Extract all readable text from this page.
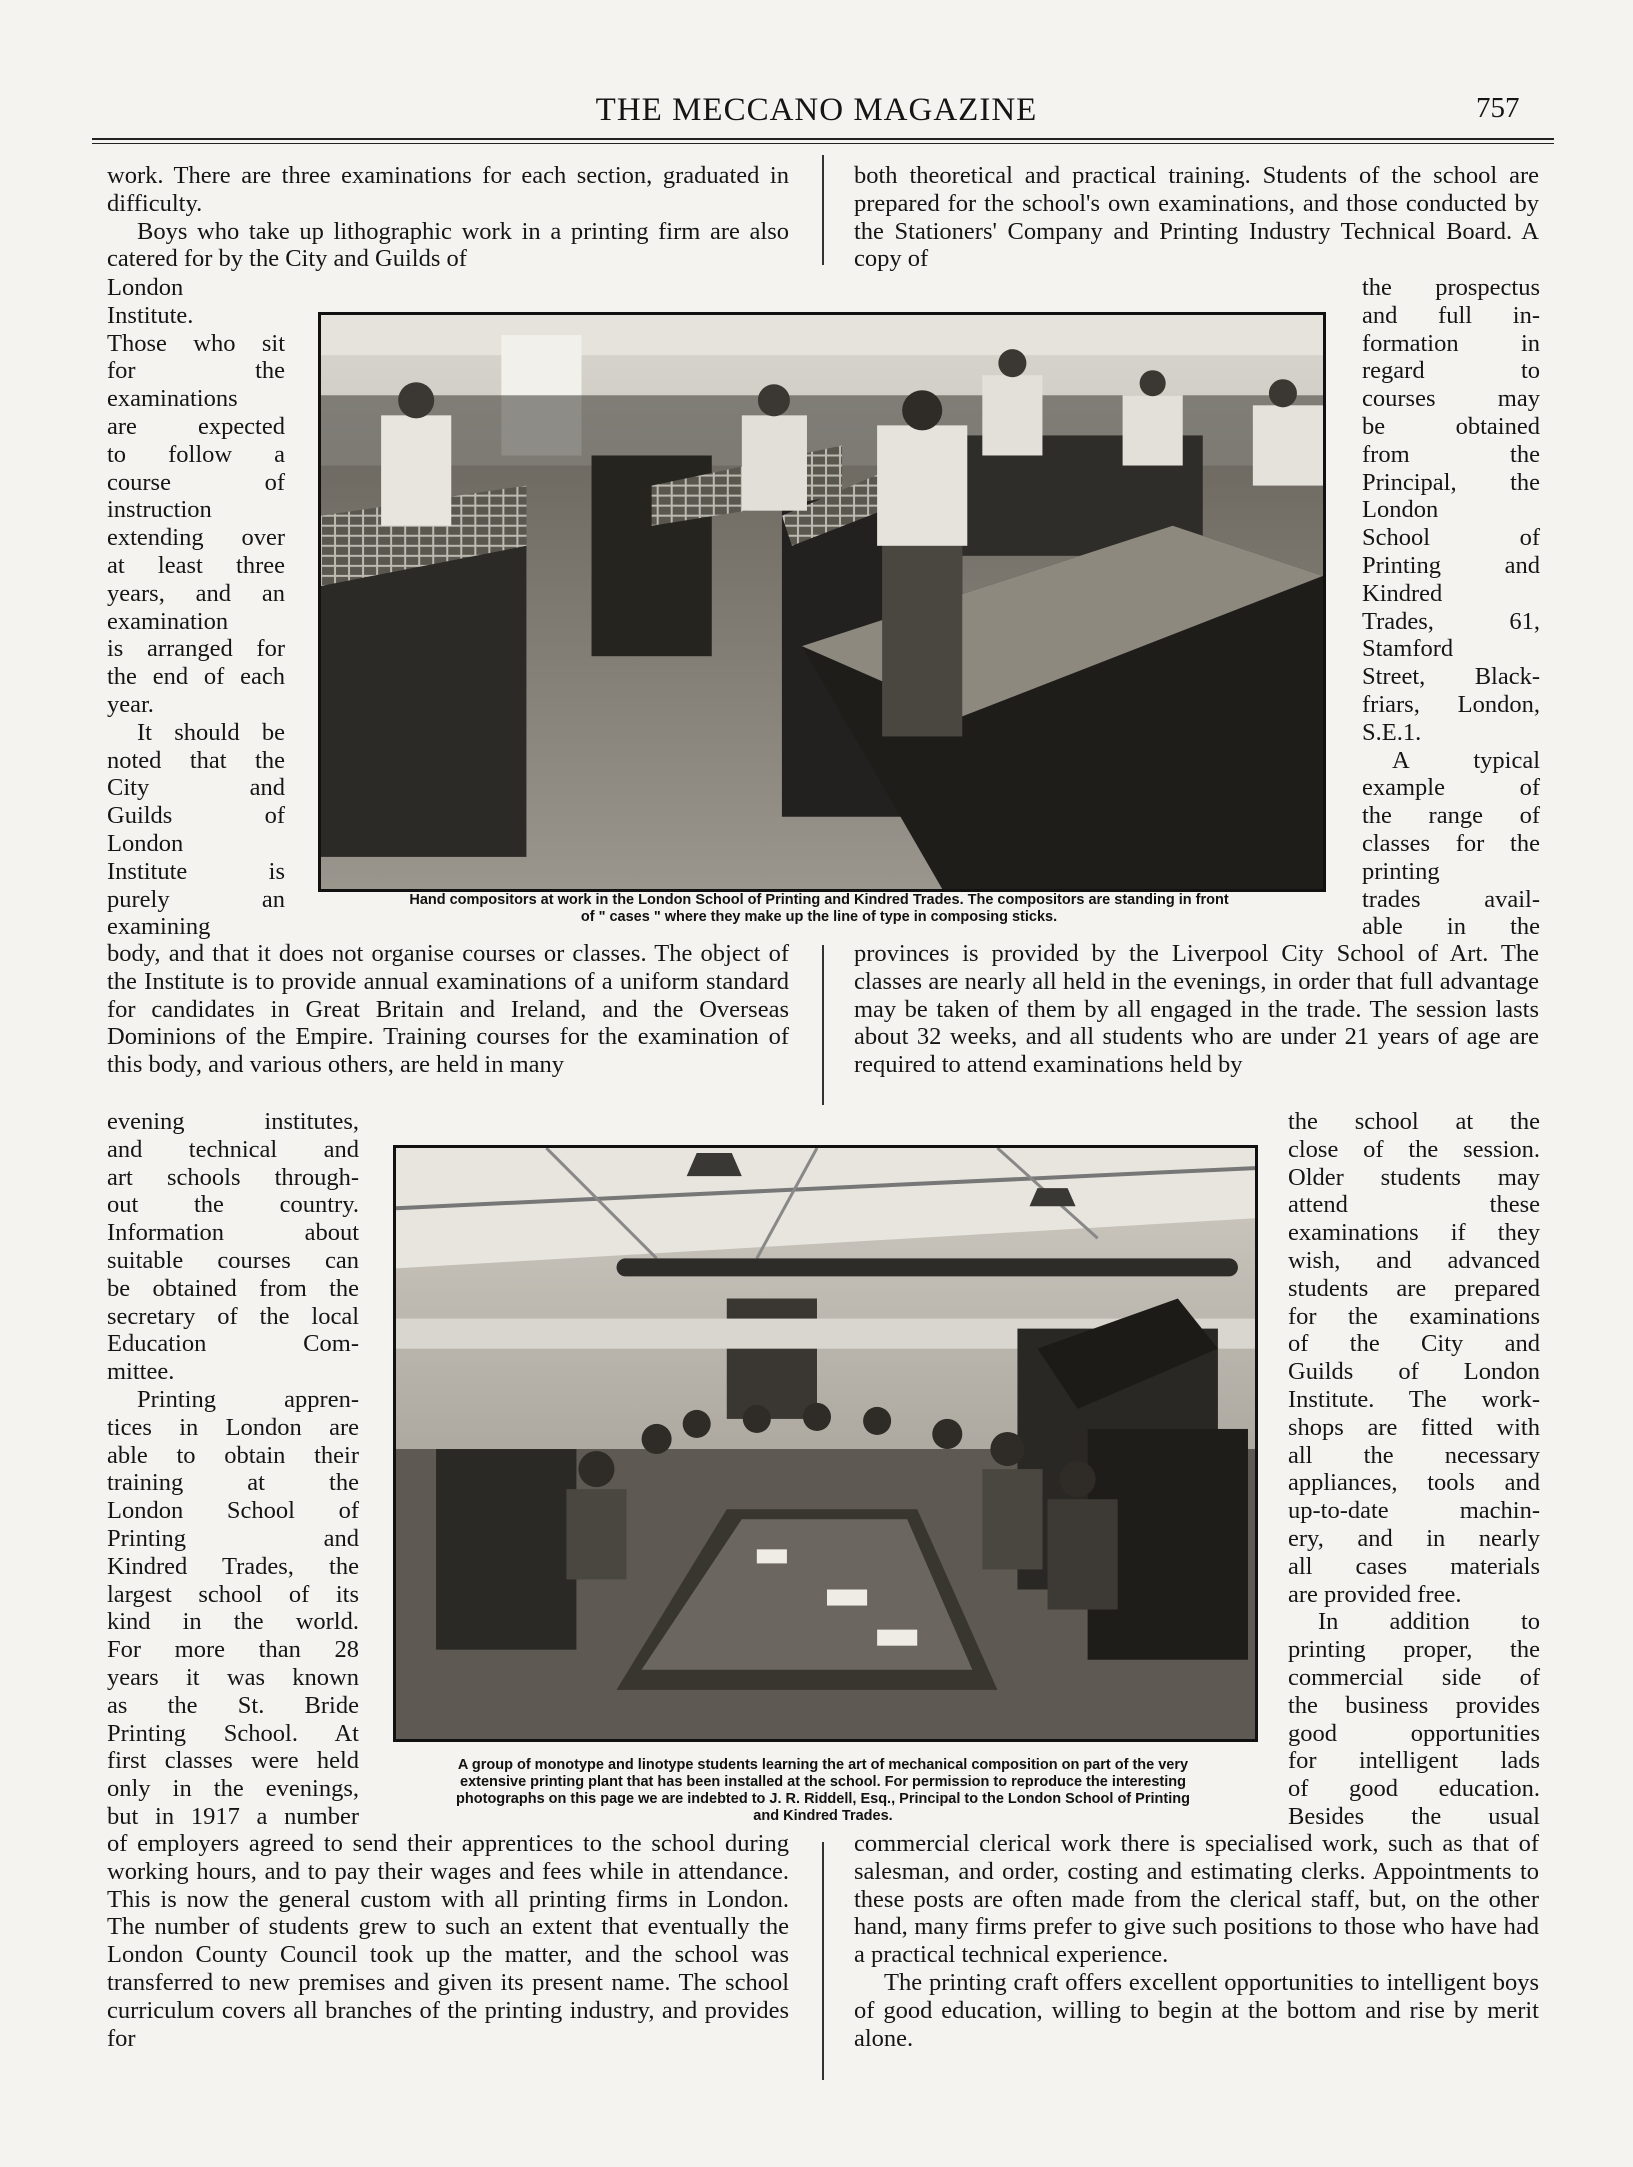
THE MECCANO MAGAZINE	757

work. There are three examinations for each section, graduated in difficulty.

Boys who take up lithographic work in a printing firm are also catered for by the City and Guilds of

both theoretical and practical training. Students of the school are prepared for the school's own examinations, and those conducted by the Stationers' Company and Printing Industry Technical Board. A copy of

London

Institute.

Those who sit

for the

examinations

are expected

to follow a

course of

instruction

extending over

at least three

years, and an

examination

is arranged for

the end of each

year.

It should be

noted that the

City and

Guilds of

London

Institute is

purely an

examining

the prospectus

and full in-

formation in

regard to

courses may

be obtained

from the

Principal, the

London

School of

Printing and

Kindred

Trades, 61,

Stamford

Street, Black-

friars, London,

S.E.1.

A typical

example of

the range of

classes for the

printing

trades avail-

able in the

Hand compositors at work in the London School of Printing and Kindred Trades. The compositors are standing in front
of " cases " where they make up the line of type in composing sticks.
body, and that it does not organise courses or classes. The object of the Institute is to provide annual examinations of a uniform standard for candidates in Great Britain and Ireland, and the Overseas Dominions of the Empire. Training courses for the examination of this body, and various others, are held in many
provinces is provided by the Liverpool City School of Art. The classes are nearly all held in the evenings, in order that full advantage may be taken of them by all engaged in the trade. The session lasts about 32 weeks, and all students who are under 21 years of age are required to attend examinations held by

evening institutes,

and technical and

art schools through-

out the country.

Information about

suitable courses can

be obtained from the

secretary of the local

Education Com-

mittee.

Printing appren-

tices in London are

able to obtain their

training at the

London School of

Printing and

Kindred Trades, the

largest school of its

kind in the world.

For more than 28

years it was known

as the St. Bride

Printing School. At

first classes were held

only in the evenings,

but in 1917 a number

the school at the

close of the session.

Older students may

attend these

examinations if they

wish, and advanced

students are prepared

for the examinations

of the City and

Guilds of London

Institute. The work-

shops are fitted with

all the necessary

appliances, tools and

up-to-date machin-

ery, and in nearly

all cases materials

are provided free.

In addition to

printing proper, the

commercial side of

the business provides

good opportunities

for intelligent lads

of good education.

Besides the usual

A group of monotype and linotype students learning the art of mechanical composition on part of the very
extensive printing plant that has been installed at the school. For permission to reproduce the interesting
photographs on this page we are indebted to J. R. Riddell, Esq., Principal to the London School of Printing
and Kindred Trades.
of employers agreed to send their apprentices to the school during working hours, and to pay their wages and fees while in attendance. This is now the general custom with all printing firms in London. The number of students grew to such an extent that eventually the London County Council took up the matter, and the school was transferred to new premises and given its present name. The school curriculum covers all branches of the printing industry, and provides for

commercial clerical work there is specialised work, such as that of salesman, and order, costing and estimating clerks. Appointments to these posts are often made from the clerical staff, but, on the other hand, many firms prefer to give such positions to those who have had a practical technical experience.

The printing craft offers excellent opportunities to intelligent boys of good education, willing to begin at the bottom and rise by merit alone.
